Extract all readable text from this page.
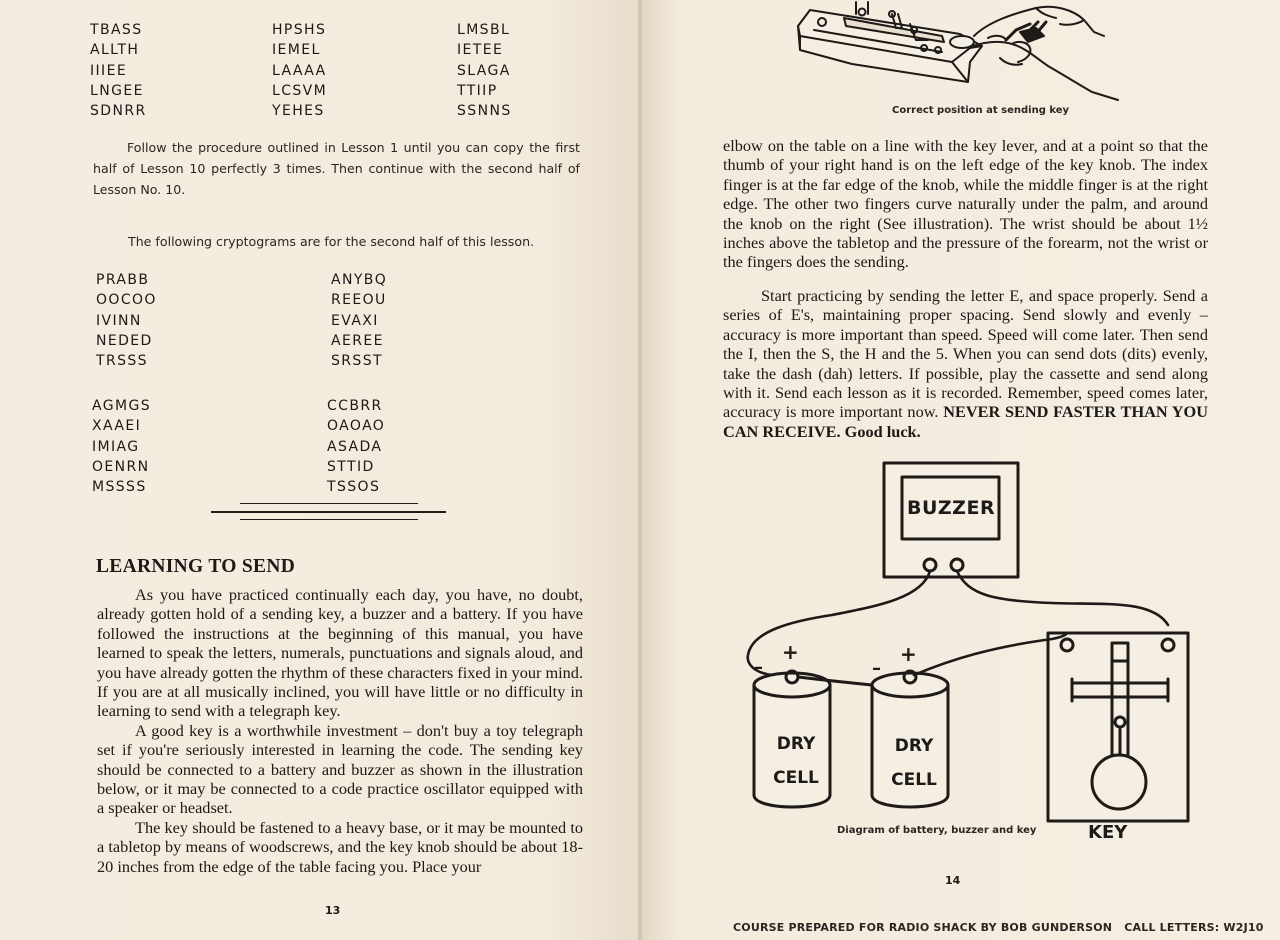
TBASS
ALLTH
IIIEE
LNGEE
SDNRR
HPSHS
IEMEL
LAAAA
LCSVM
YEHES
LMSBL
IETEE
SLAGA
TTIIP
SSNNS
Follow the procedure outlined in Lesson 1 until you can copy the first half of Lesson 10 perfectly 3 times. Then continue with the second half of Lesson No. 10.
The following cryptograms are for the second half of this lesson.
PRABB
OOCOO
IVINN
NEDED
TRSSS
ANYBQ
REEOU
EVAXI
AEREE
SRSST
AGMGS
XAAEI
IMIAG
OENRN
MSSSS
CCBRR
OAOAO
ASADA
STTID
TSSOS
LEARNING TO SEND

As you have practiced continually each day, you have, no doubt, already gotten hold of a sending key, a buzzer and a battery. If you have followed the instructions at the beginning of this manual, you have learned to speak the letters, numerals, punctuations and signals aloud, and you have already gotten the rhythm of these characters fixed in your mind. If you are at all musically inclined, you will have little or no difficulty in learning to send with a telegraph key.

A good key is a worthwhile investment – don't buy a toy telegraph set if you're seriously interested in learning the code. The sending key should be connected to a battery and buzzer as shown in the illustration below, or it may be connected to a code practice oscillator equipped with a speaker or headset.

The key should be fastened to a heavy base, or it may be mounted to a tabletop by means of woodscrews, and the key knob should be about 18-20 inches from the edge of the table facing you. Place your

13
Correct position at sending key

elbow on the table on a line with the key lever, and at a point so that the thumb of your right hand is on the left edge of the key knob. The index finger is at the far edge of the knob, while the middle finger is at the right edge. The other two fingers curve naturally under the palm, and around the knob on the right (See illustration). The wrist should be about 1½ inches above the tabletop and the pressure of the forearm, not the wrist or the fingers does the sending.

Start practicing by sending the letter E, and space properly. Send a series of E's, maintaining proper spacing. Send slowly and evenly – accuracy is more important than speed. Speed will come later. Then send the I, then the S, the H and the 5. When you can send dots (dits) evenly, take the dash (dah) letters. If possible, play the cassette and send along with it. Send each lesson as it is recorded. Remember, speed comes later, accuracy is more important now. NEVER SEND FASTER THAN YOU CAN RECEIVE. Good luck.

BUZZER
+
–
+
–
DRY
CELL
DRY
CELL
Diagram of battery, buzzer and key	KEY
14
COURSE PREPARED FOR RADIO SHACK BY BOB GUNDERSON   CALL LETTERS: W2J10
